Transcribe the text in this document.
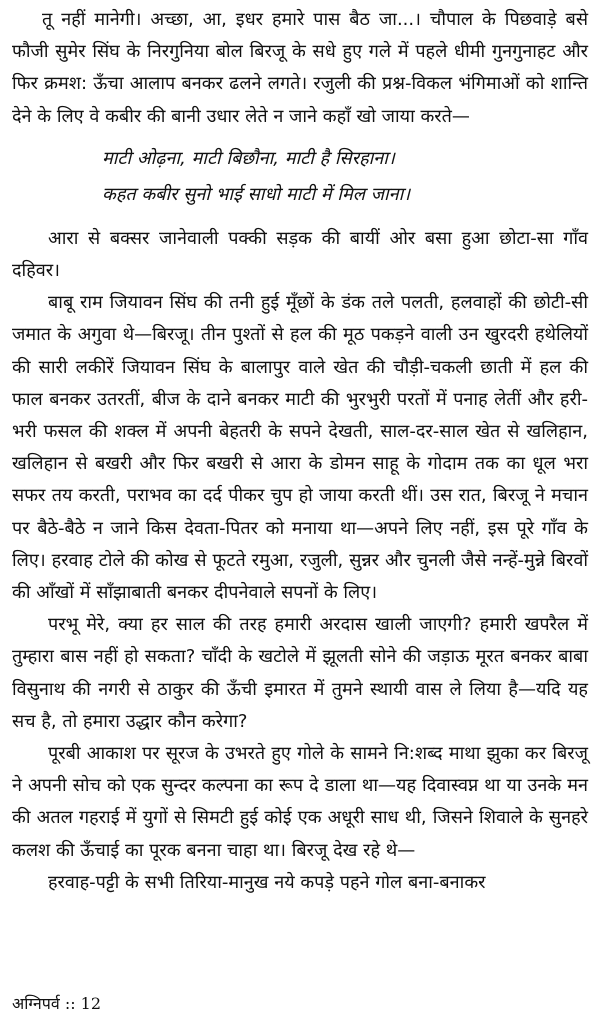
तू नहीं मानेगी। अच्छा, आ, इधर हमारे पास बैठ जा...। चौपाल के पिछवाड़े बसे फौजी सुमेर सिंघ के निरगुनिया बोल बिरजू के सधे हुए गले में पहले धीमी गुनगुनाहट और फिर क्रमश: ऊँचा आलाप बनकर ढलने लगते। रजुली की प्रश्न-विकल भंगिमाओं को शान्ति देने के लिए वे कबीर की बानी उधार लेते न जाने कहाँ खो जाया करते—

माटी ओढ़ना, माटी बिछौना, माटी है सिरहाना।
कहत कबीर सुनो भाई साधो माटी में मिल जाना।

आरा से बक्सर जानेवाली पक्की सड़क की बायीं ओर बसा हुआ छोटा-सा गाँव दहिवर।

बाबू राम जियावन सिंघ की तनी हुई मूँछों के डंक तले पलती, हलवाहों की छोटी-सी जमात के अगुवा थे—बिरजू। तीन पुश्तों से हल की मूठ पकड़ने वाली उन खुरदरी हथेलियों की सारी लकीरें जियावन सिंघ के बालापुर वाले खेत की चौड़ी-चकली छाती में हल की फाल बनकर उतरतीं, बीज के दाने बनकर माटी की भुरभुरी परतों में पनाह लेतीं और हरी-भरी फसल की शक्ल में अपनी बेहतरी के सपने देखती, साल-दर-साल खेत से खलिहान, खलिहान से बखरी और फिर बखरी से आरा के डोमन साहू के गोदाम तक का धूल भरा सफर तय करती, पराभव का दर्द पीकर चुप हो जाया करती थीं। उस रात, बिरजू ने मचान पर बैठे-बैठे न जाने किस देवता-पितर को मनाया था—अपने लिए नहीं, इस पूरे गाँव के लिए। हरवाह टोले की कोख से फूटते रमुआ, रजुली, सुन्नर और चुनली जैसे नन्हें-मुन्ने बिरवों की आँखों में साँझाबाती बनकर दीपनेवाले सपनों के लिए।

परभू मेरे, क्या हर साल की तरह हमारी अरदास खाली जाएगी? हमारी खपरैल में तुम्हारा बास नहीं हो सकता? चाँदी के खटोले में झूलती सोने की जड़ाऊ मूरत बनकर बाबा विसुनाथ की नगरी से ठाकुर की ऊँची इमारत में तुमने स्थायी वास ले लिया है—यदि यह सच है, तो हमारा उद्धार कौन करेगा?

पूरबी आकाश पर सूरज के उभरते हुए गोले के सामने नि:शब्द माथा झुका कर बिरजू ने अपनी सोच को एक सुन्दर कल्पना का रूप दे डाला था—यह दिवास्वप्न था या उनके मन की अतल गहराई में युगों से सिमटी हुई कोई एक अधूरी साध थी, जिसने शिवाले के सुनहरे कलश की ऊँचाई का पूरक बनना चाहा था। बिरजू देख रहे थे—

हरवाह-पट्टी के सभी तिरिया-मानुख नये कपड़े पहने गोल बना-बनाकर

अग्निपर्व :: 12
